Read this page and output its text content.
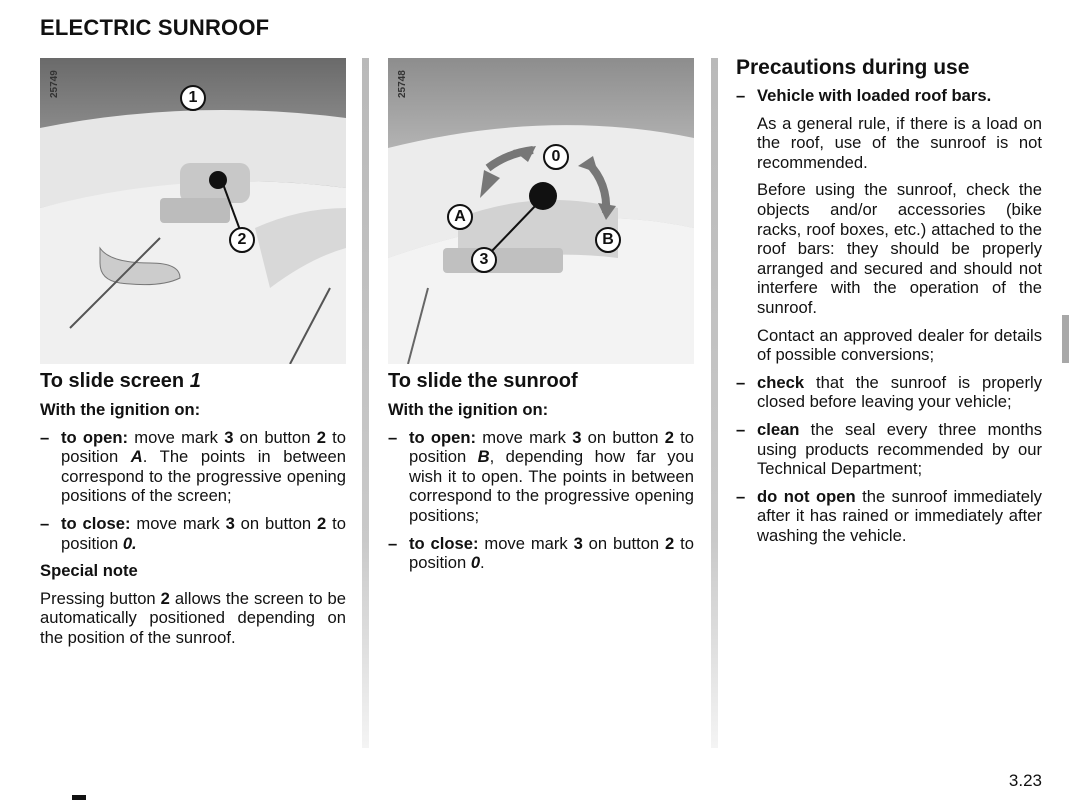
ELECTRIC SUNROOF
25749	1
2
25748
0
A
B
3
To slide screen 1

With the ignition on:

– to open: move mark 3 on button 2 to position A. The points in between correspond to the progressive opening positions of the screen;

– to close: move mark 3 on button 2 to position 0.

Special note

Pressing button 2 allows the screen to be automatically positioned depending on the position of the sunroof.

To slide the sunroof

With the ignition on:

– to open: move mark 3 on button 2 to position B, depending how far you wish it to open. The points in between correspond to the progressive opening positions;

– to close: move mark 3 on button 2 to position 0.

Precautions during use

– Vehicle with loaded roof bars.

As a general rule, if there is a load on the roof, use of the sunroof is not recommended.

Before using the sunroof, check the objects and/or accessories (bike racks, roof boxes, etc.) attached to the roof bars: they should be properly arranged and secured and should not interfere with the operation of the sunroof.

Contact an approved dealer for details of possible conversions;

– check that the sunroof is properly closed before leaving your vehicle;

– clean the seal every three months using products recommended by our Technical Department;

– do not open the sunroof immediately after it has rained or immediately after washing the vehicle.

3.23
